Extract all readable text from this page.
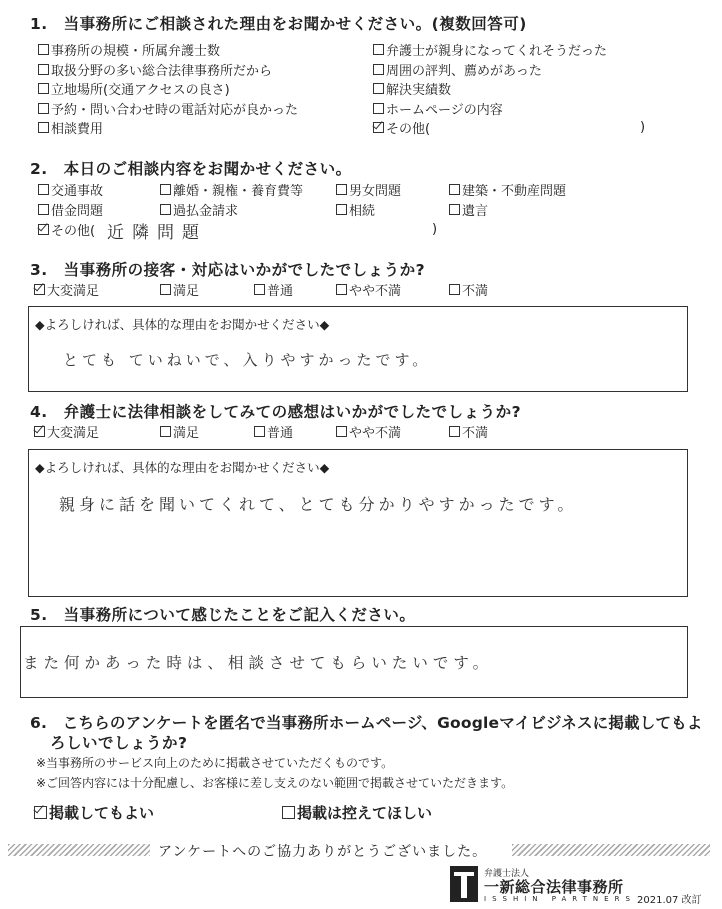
1.　当事務所にご相談された理由をお聞かせください。(複数回答可)
事務所の規模・所属弁護士数
取扱分野の多い総合法律事務所だから
立地場所(交通アクセスの良さ)
予約・問い合わせ時の電話対応が良かった
相談費用
弁護士が親身になってくれそうだった
周囲の評判、薦めがあった
解決実績数
ホームページの内容
その他(	)
2.　本日のご相談内容をお聞かせください。
交通事故	離婚・親権・養育費等	男女問題	建築・不動産問題
借金問題	過払金請求	相続	遺言
その他( 近隣問題	)
3.　当事務所の接客・対応はいかがでしたでしょうか?
大変満足	満足	普通	やや不満	不満
◆よろしければ、具体的な理由をお聞かせください◆
とても ていねいで、入りやすかったです。
4.　弁護士に法律相談をしてみての感想はいかがでしたでしょうか?
大変満足	満足	普通	やや不満	不満
◆よろしければ、具体的な理由をお聞かせください◆
親身に話を聞いてくれて、とても分かりやすかったです。
5.　当事務所について感じたことをご記入ください。
また何かあった時は、相談させてもらいたいです。
6.　こちらのアンケートを匿名で当事務所ホームページ、Googleマイビジネスに掲載してもよ
ろしいでしょうか?
※当事務所のサービス向上のために掲載させていただくものです。
※ご回答内容には十分配慮し、お客様に差し支えのない範囲で掲載させていただきます。
掲載してもよい	掲載は控えてほしい
アンケートへのご協力ありがとうございました。
弁護士法人
一新総合法律事務所
ISSHIN PARTNERS 2021.07 改訂
